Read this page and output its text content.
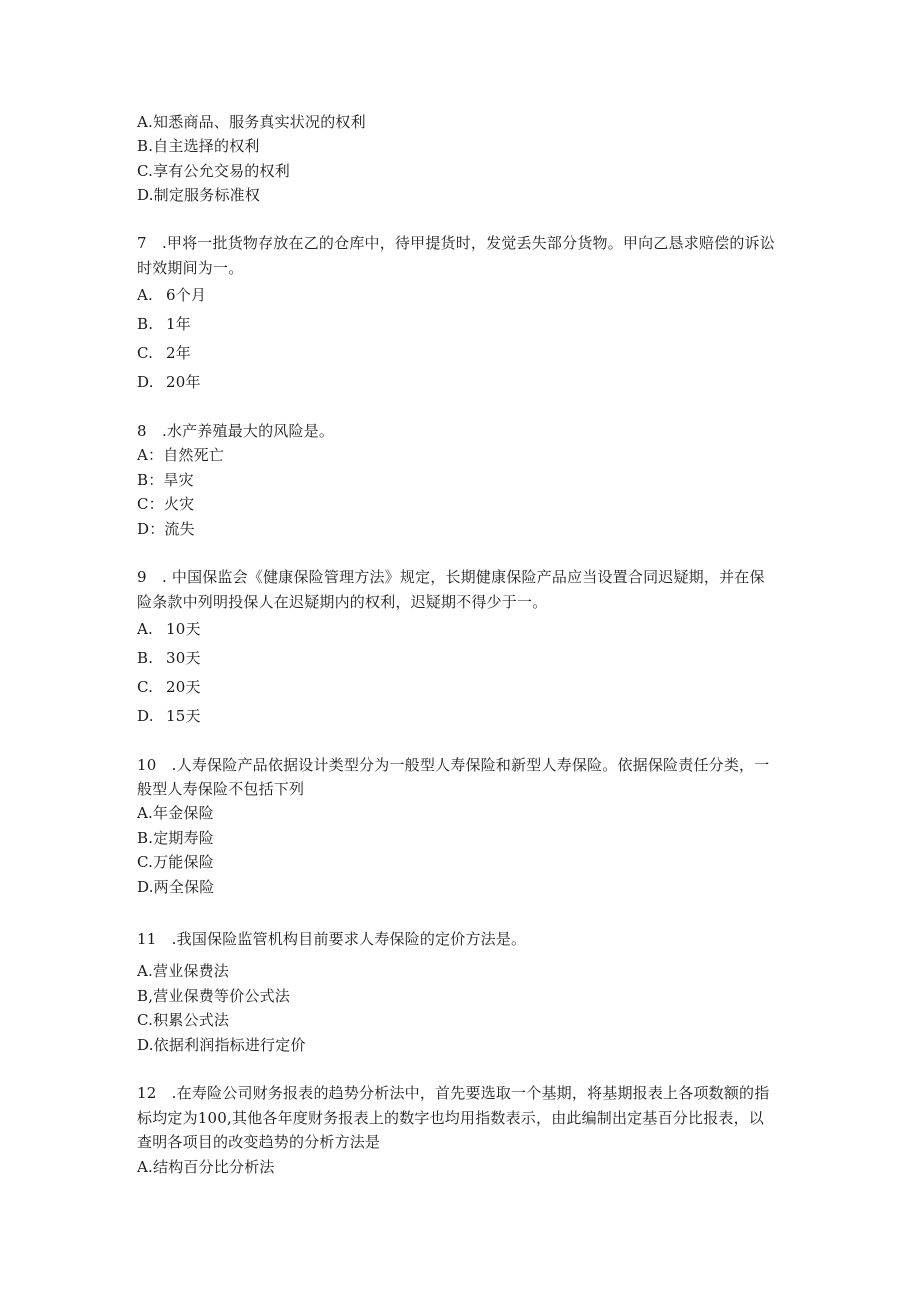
A.知悉商品、服务真实状况的权利
B.自主选择的权利
C.享有公允交易的权利
D.制定服务标准权
7　.甲将一批货物存放在乙的仓库中，待甲提货时，发觉丢失部分货物。甲向乙恳求赔偿的诉讼
时效期间为一。
A. 6个月
B. 1年
C. 2年
D. 20年
8　.水产养殖最大的风险是。
A：自然死亡
B：旱灾
C：火灾
D：流失
9　. 中国保监会《健康保险管理方法》规定，长期健康保险产品应当设置合同迟疑期，并在保
险条款中列明投保人在迟疑期内的权利，迟疑期不得少于一。
A. 10天
B. 30天
C. 20天
D. 15天
10　.人寿保险产品依据设计类型分为一般型人寿保险和新型人寿保险。依据保险责任分类，一
般型人寿保险不包括下列
A.年金保险
B.定期寿险
C.万能保险
D.两全保险
11　.我国保险监管机构目前要求人寿保险的定价方法是。
A.营业保费法
B,营业保费等价公式法
C.积累公式法
D.依据利润指标进行定价
12　.在寿险公司财务报表的趋势分析法中，首先要选取一个基期，将基期报表上各项数额的指
标均定为100,其他各年度财务报表上的数字也均用指数表示，由此编制出定基百分比报表，以
查明各项目的改变趋势的分析方法是
A.结构百分比分析法
